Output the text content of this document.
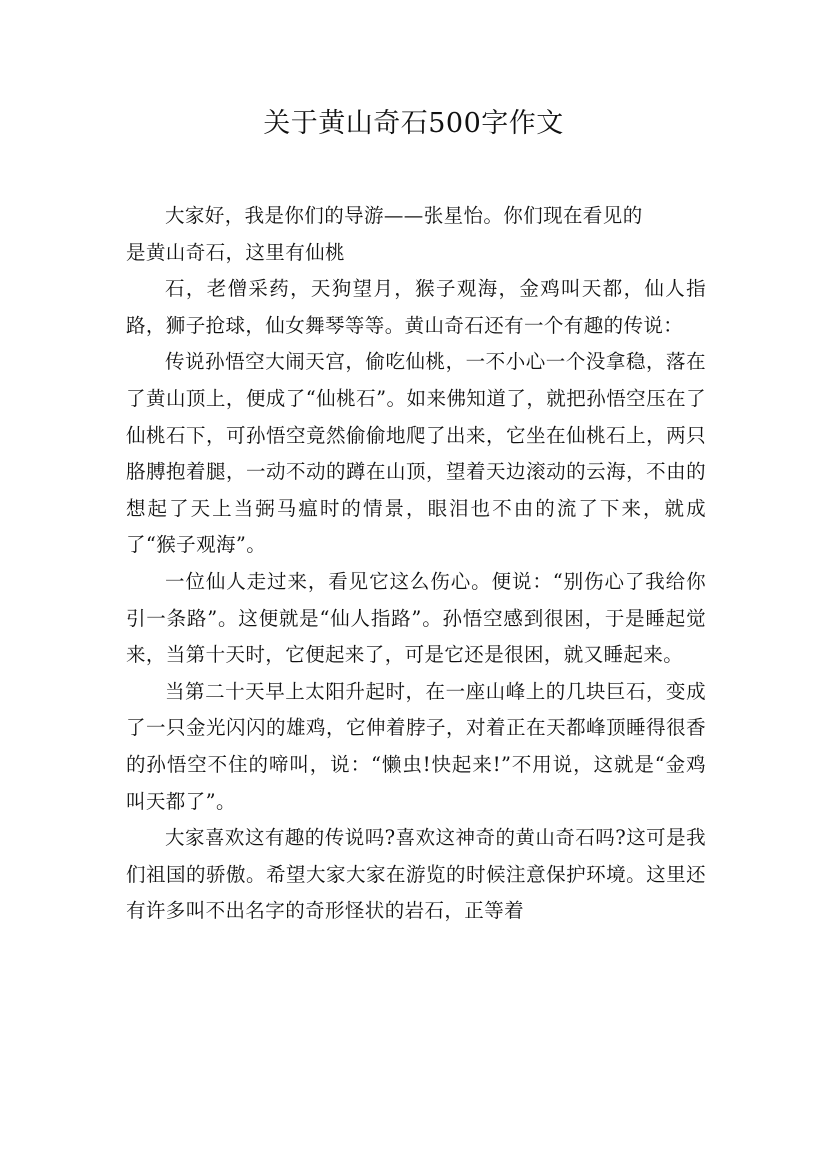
关于黄山奇石500字作文

大家好，我是你们的导游——张星怡。你们现在看见的

是黄山奇石，这里有仙桃

石，老僧采药，天狗望月，猴子观海，金鸡叫天都，仙人指路，狮子抢球，仙女舞琴等等。黄山奇石还有一个有趣的传说：

传说孙悟空大闹天宫，偷吃仙桃，一不小心一个没拿稳，落在了黄山顶上，便成了“仙桃石”。如来佛知道了，就把孙悟空压在了仙桃石下，可孙悟空竟然偷偷地爬了出来，它坐在仙桃石上，两只胳膊抱着腿，一动不动的蹲在山顶，望着天边滚动的云海，不由的想起了天上当弼马瘟时的情景，眼泪也不由的流了下来，就成了“猴子观海”。

一位仙人走过来，看见它这么伤心。便说：“别伤心了我给你引一条路”。这便就是“仙人指路”。孙悟空感到很困，于是睡起觉来，当第十天时，它便起来了，可是它还是很困，就又睡起来。

当第二十天早上太阳升起时，在一座山峰上的几块巨石，变成了一只金光闪闪的雄鸡，它伸着脖子，对着正在天都峰顶睡得很香的孙悟空不住的啼叫，说：“懒虫!快起来!”不用说，这就是“金鸡叫天都了”。

大家喜欢这有趣的传说吗?喜欢这神奇的黄山奇石吗?这可是我们祖国的骄傲。希望大家大家在游览的时候注意保护环境。这里还有许多叫不出名字的奇形怪状的岩石，正等着
